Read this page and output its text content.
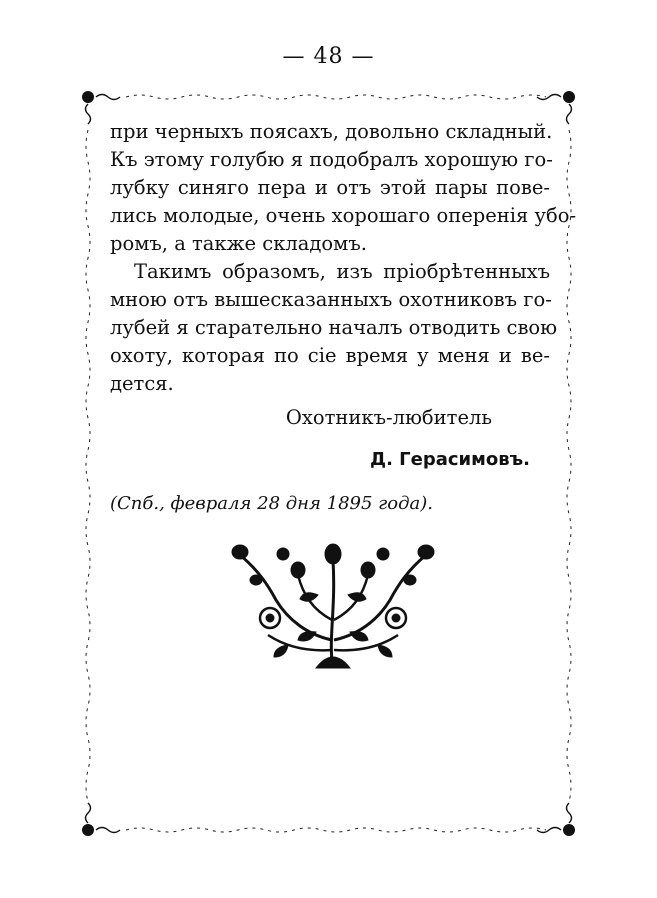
— 48 —
при черныхъ поясахъ, довольно складный.
Къ этому голубю я подобралъ хорошую го-
лубку синяго пера и отъ этой пары пове-
лись молодые, очень хорошаго оперенія убо-
ромъ, а также складомъ.
Такимъ образомъ, изъ пріобрѣтенныхъ
мною отъ вышесказанныхъ охотниковъ го-
лубей я старательно началъ отводить свою
охоту, которая по сіе время у меня и ве-
дется.
Охотникъ-любитель
Д. Герасимовъ.
(Спб., февраля 28 дня 1895 года).
